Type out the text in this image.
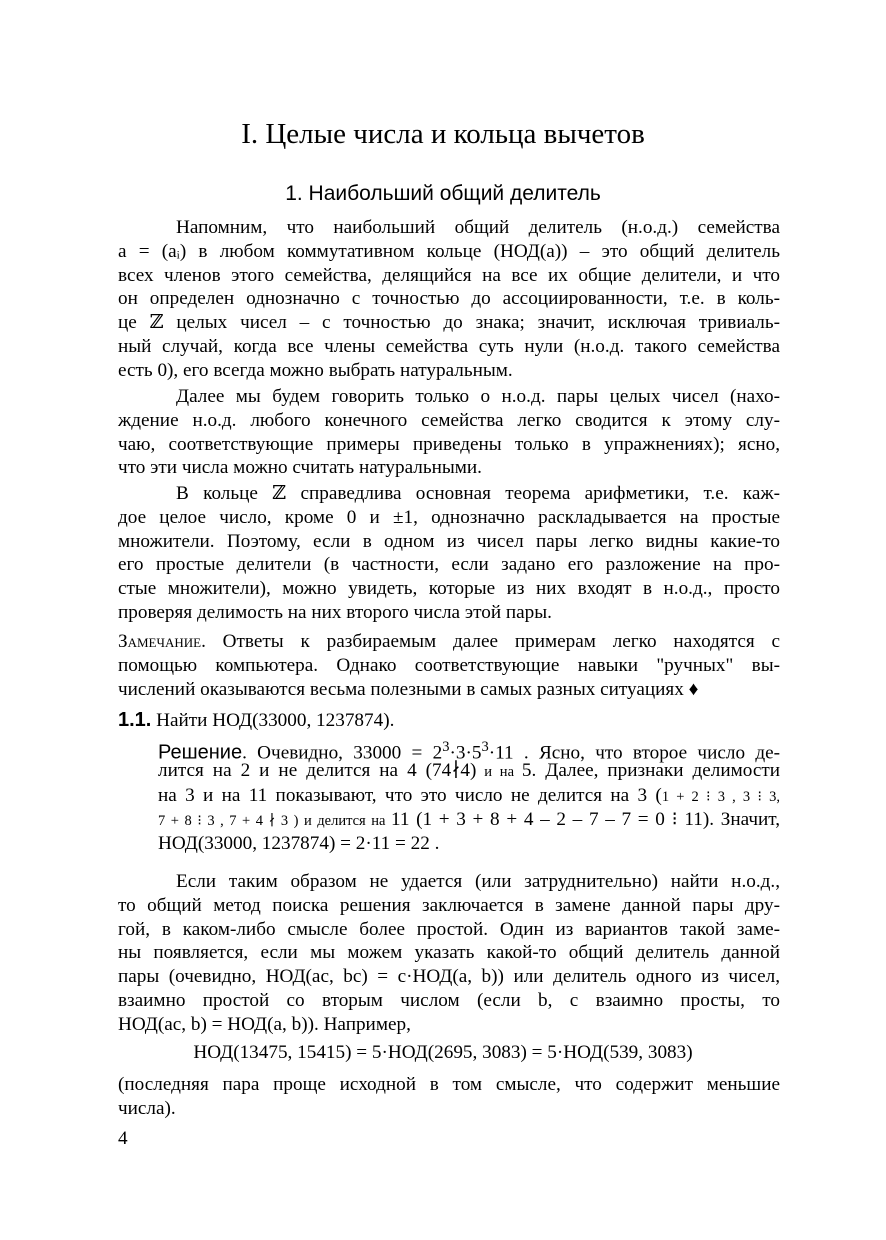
I. Целые числа и кольца вычетов
1. Наибольший общий делитель
Напомним, что наибольший общий делитель (н.о.д.) семейства
a = (aᵢ) в любом коммутативном кольце (НОД(a)) – это общий делитель
всех членов этого семейства, делящийся на все их общие делители, и что
он определен однозначно с точностью до ассоциированности, т.е. в коль-
це ℤ целых чисел – с точностью до знака; значит, исключая тривиаль-
ный случай, когда все члены семейства суть нули (н.о.д. такого семейства
есть 0), его всегда можно выбрать натуральным.
Далее мы будем говорить только о н.о.д. пары целых чисел (нахо-
ждение н.о.д. любого конечного семейства легко сводится к этому слу-
чаю, соответствующие примеры приведены только в упражнениях); ясно,
что эти числа можно считать натуральными.
В кольце ℤ справедлива основная теорема арифметики, т.е. каж-
дое целое число, кроме 0 и ±1, однозначно раскладывается на простые
множители. Поэтому, если в одном из чисел пары легко видны какие-то
его простые делители (в частности, если задано его разложение на про-
стые множители), можно увидеть, которые из них входят в н.о.д., просто
проверяя делимость на них второго числа этой пары.
Замечание. Ответы к разбираемым далее примерам легко находятся с
помощью компьютера. Однако соответствующие навыки "ручных" вы-
числений оказываются весьма полезными в самых разных ситуациях ♦
1.1. Найти НОД(33000, 1237874).
Решение. Очевидно, $33000 = 2^3\cdot 3\cdot 5^3\cdot 11$ . Ясно, что второе число де-
лится на 2 и не делится на 4 (74∤4) и на 5. Далее, признаки делимости
на 3 и на 11 показывают, что это число не делится на 3 (1 + 2 ⁝ 3 , 3 ⁝ 3,
7 + 8 ⁝ 3 , 7 + 4 ∤ 3 ) и делится на 11 (1 + 3 + 8 + 4 – 2 – 7 – 7 = 0 ⁝ 11). Значит,
НОД(33000, 1237874) = 2·11 = 22 .
Если таким образом не удается (или затруднительно) найти н.о.д.,
то общий метод поиска решения заключается в замене данной пары дру-
гой, в каком-либо смысле более простой. Один из вариантов такой заме-
ны появляется, если мы можем указать какой-то общий делитель данной
пары (очевидно, НОД(ac, bc) = c·НОД(a, b)) или делитель одного из чисел,
взаимно простой со вторым числом (если b, c взаимно просты, то
НОД(ac, b) = НОД(a, b)). Например,
НОД(13475, 15415) = 5·НОД(2695, 3083) = 5·НОД(539, 3083)
(последняя пара проще исходной в том смысле, что содержит меньшие
числа).
4
